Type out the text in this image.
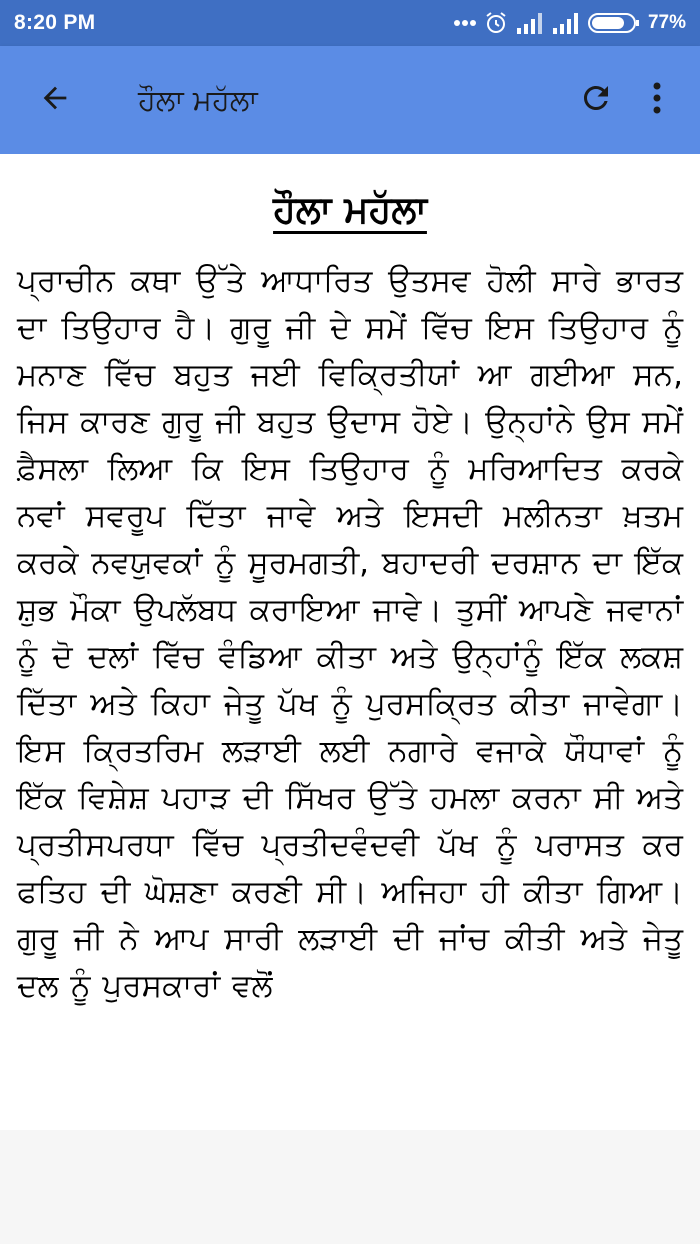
8:20 PM	77%
ਹੌਲਾ ਮਹੱਲਾ
ਹੌਲਾ ਮਹੱਲਾ

ਪ੍ਰਾਚੀਨ ਕਥਾ ਉੱਤੇ ਆਧਾਰਿਤ ਉਤਸਵ ਹੋਲੀ ਸਾਰੇ ਭਾਰਤ ਦਾ ਤਿਉਹਾਰ ਹੈ। ਗੁਰੂ ਜੀ ਦੇ ਸਮੇਂ ਵਿੱਚ ਇਸ ਤਿਉਹਾਰ ਨੂੰ ਮਨਾਣ ਵਿੱਚ ਬਹੁਤ ਜਈ ਵਿਕ੍ਰਿਤੀਯਾਂ ਆ ਗਈਆ ਸਨ, ਜਿਸ ਕਾਰਣ ਗੁਰੂ ਜੀ ਬਹੁਤ ਉਦਾਸ ਹੋਏ। ਉਨ੍ਹਾਂਨੇ ਉਸ ਸਮੇਂ ਫ਼ੈਸਲਾ ਲਿਆ ਕਿ ਇਸ ਤਿਉਹਾਰ ਨੂੰ ਮਰਿਆਦਿਤ ਕਰਕੇ ਨਵਾਂ ਸਵਰੂਪ ਦਿੱਤਾ ਜਾਵੇ ਅਤੇ ਇਸਦੀ ਮਲੀਨਤਾ ਖ਼ਤਮ ਕਰਕੇ ਨਵਯੁਵਕਾਂ ਨੂੰ ਸੂਰਮਗਤੀ, ਬਹਾਦਰੀ ਦਰਸ਼ਾਨ ਦਾ ਇੱਕ ਸ਼ੁਭ ਮੌਕਾ ਉਪਲੱਬਧ ਕਰਾਇਆ ਜਾਵੇ। ਤੁਸੀਂ ਆਪਣੇ ਜਵਾਨਾਂ ਨੂੰ ਦੋ ਦਲਾਂ ਵਿੱਚ ਵੰਡਿਆ ਕੀਤਾ ਅਤੇ ਉਨ੍ਹਾਂਨੂੰ ਇੱਕ ਲਕਸ਼ ਦਿੱਤਾ ਅਤੇ ਕਿਹਾ ਜੇਤੂ ਪੱਖ ਨੂੰ ਪੁਰਸਕ੍ਰਿਤ ਕੀਤਾ ਜਾਵੇਗਾ। ਇਸ ਕ੍ਰਿਤਰਿਮ ਲੜਾਈ ਲਈ ਨਗਾਰੇ ਵਜਾਕੇ ਯੌਧਾਵਾਂ ਨੂੰ ਇੱਕ ਵਿਸ਼ੇਸ਼ ਪਹਾੜ ਦੀ ਸਿੱਖਰ ਉੱਤੇ ਹਮਲਾ ਕਰਨਾ ਸੀ ਅਤੇ ਪ੍ਰਤੀਸਪਰਧਾ ਵਿੱਚ ਪ੍ਰਤੀਦਵੰਦਵੀ ਪੱਖ ਨੂੰ ਪਰਾਸਤ ਕਰ ਫਤਿਹ ਦੀ ਘੋਸ਼ਣਾ ਕਰਣੀ ਸੀ। ਅਜਿਹਾ ਹੀ ਕੀਤਾ ਗਿਆ। ਗੁਰੂ ਜੀ ਨੇ ਆਪ ਸਾਰੀ ਲੜਾਈ ਦੀ ਜਾਂਚ ਕੀਤੀ ਅਤੇ ਜੇਤੂ ਦਲ ਨੂੰ ਪੁਰਸਕਾਰਾਂ ਵਲੋਂ
